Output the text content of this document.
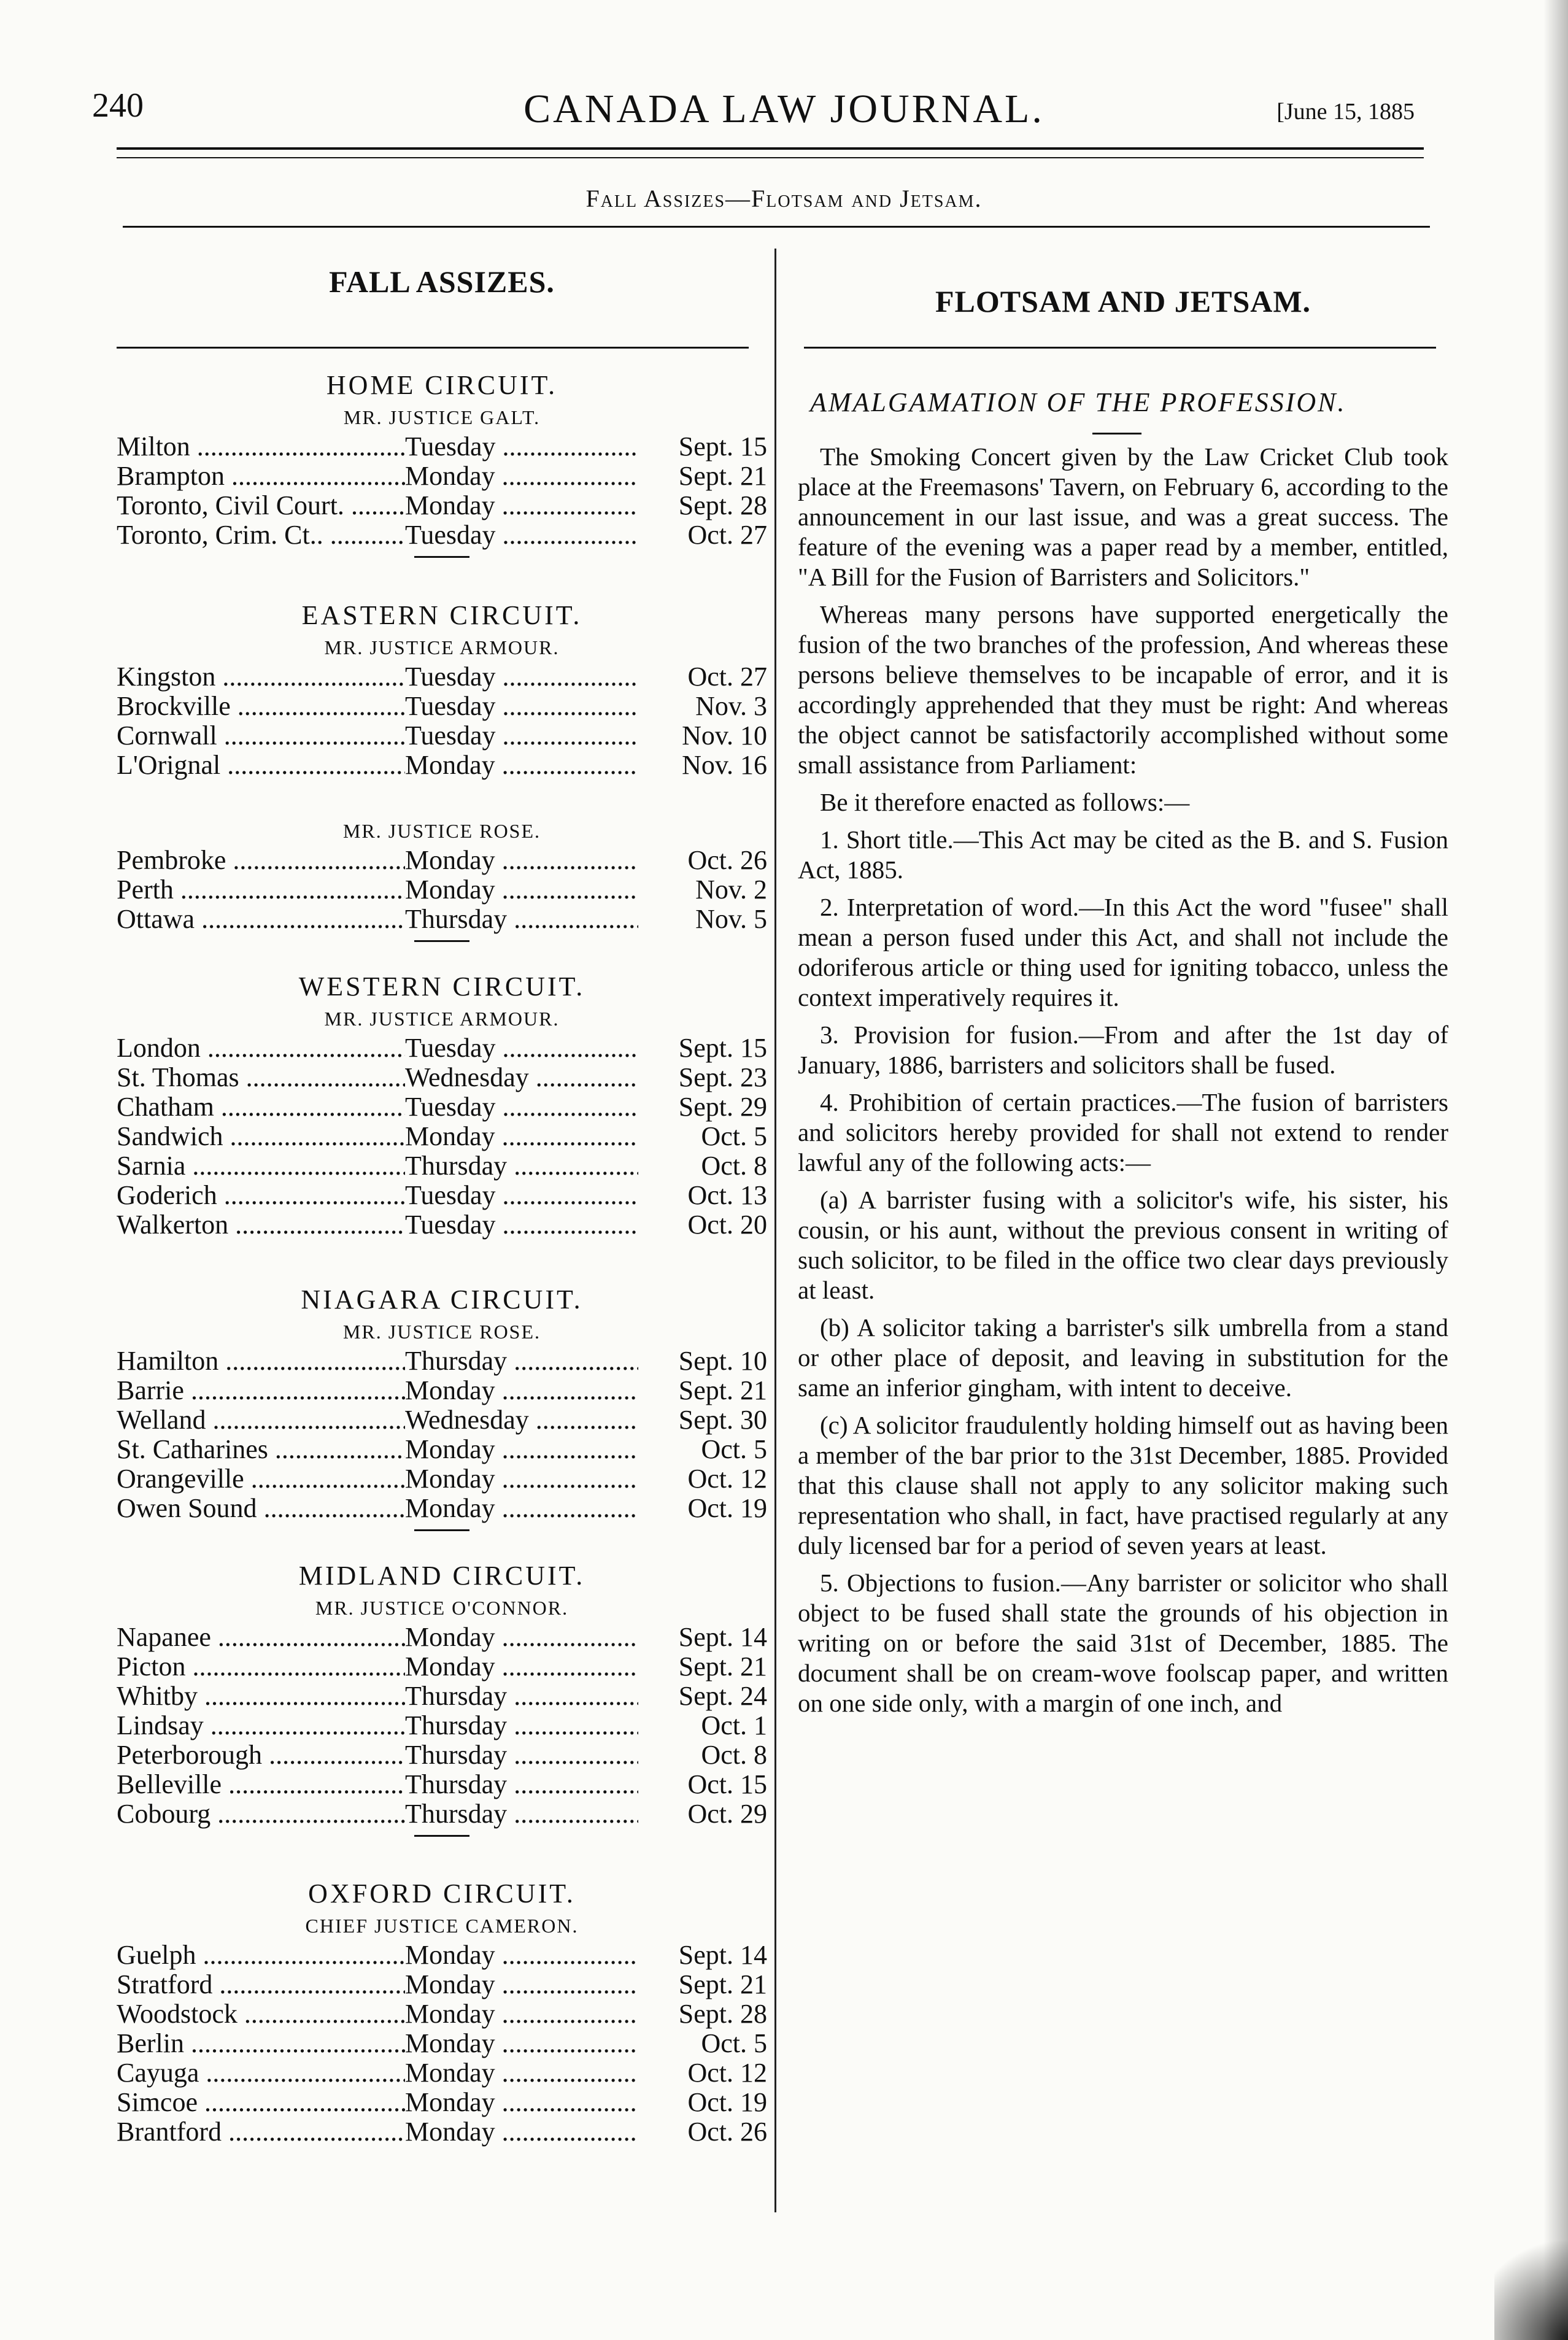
240	CANADA LAW JOURNAL.	[June 15, 1885
Fall Assizes—Flotsam and Jetsam.
FALL ASSIZES.
HOME CIRCUIT.
MR. JUSTICE GALT.
Milton .....	Tuesday .....	Sept. 15
Brampton .....	Monday .....	Sept. 21
Toronto, Civil Court. .....	Monday .....	Sept. 28
Toronto, Crim. Ct.. .....	Tuesday .....	Oct. 27
EASTERN CIRCUIT.
MR. JUSTICE ARMOUR.
Kingston .....	Tuesday .....	Oct. 27
Brockville .....	Tuesday .....	Nov. 3
Cornwall .....	Tuesday .....	Nov. 10
L'Orignal .....	Monday .....	Nov. 16
MR. JUSTICE ROSE.
Pembroke .....	Monday .....	Oct. 26
Perth .....	Monday .....	Nov. 2
Ottawa .....	Thursday .....	Nov. 5
WESTERN CIRCUIT.
MR. JUSTICE ARMOUR.
London .....	Tuesday .....	Sept. 15
St. Thomas .....	Wednesday .....	Sept. 23
Chatham .....	Tuesday .....	Sept. 29
Sandwich .....	Monday .....	Oct. 5
Sarnia .....	Thursday .....	Oct. 8
Goderich .....	Tuesday .....	Oct. 13
Walkerton .....	Tuesday .....	Oct. 20
NIAGARA CIRCUIT.
MR. JUSTICE ROSE.
Hamilton .....	Thursday .....	Sept. 10
Barrie .....	Monday .....	Sept. 21
Welland .....	Wednesday .....	Sept. 30
St. Catharines .....	Monday .....	Oct. 5
Orangeville .....	Monday .....	Oct. 12
Owen Sound .....	Monday .....	Oct. 19
MIDLAND CIRCUIT.
MR. JUSTICE O'CONNOR.
Napanee .....	Monday .....	Sept. 14
Picton .....	Monday .....	Sept. 21
Whitby .....	Thursday .....	Sept. 24
Lindsay .....	Thursday .....	Oct. 1
Peterborough .....	Thursday .....	Oct. 8
Belleville .....	Thursday .....	Oct. 15
Cobourg .....	Thursday .....	Oct. 29
OXFORD CIRCUIT.
CHIEF JUSTICE CAMERON.
Guelph .....	Monday .....	Sept. 14
Stratford .....	Monday .....	Sept. 21
Woodstock .....	Monday .....	Sept. 28
Berlin .....	Monday .....	Oct. 5
Cayuga .....	Monday .....	Oct. 12
Simcoe .....	Monday .....	Oct. 19
Brantford .....	Monday .....	Oct. 26
FLOTSAM AND JETSAM.
AMALGAMATION OF THE PROFESSION.

The Smoking Concert given by the Law Cricket Club took place at the Freemasons' Tavern, on February 6, according to the announcement in our last issue, and was a great success. The feature of the evening was a paper read by a member, entitled, "A Bill for the Fusion of Barristers and Solicitors."

Whereas many persons have supported energetically the fusion of the two branches of the profession, And whereas these persons believe themselves to be incapable of error, and it is accordingly apprehended that they must be right: And whereas the object cannot be satisfactorily accomplished without some small assistance from Parliament:

Be it therefore enacted as follows:—

1. Short title.—This Act may be cited as the B. and S. Fusion Act, 1885.

2. Interpretation of word.—In this Act the word "fusee" shall mean a person fused under this Act, and shall not include the odoriferous article or thing used for igniting tobacco, unless the context imperatively requires it.

3. Provision for fusion.—From and after the 1st day of January, 1886, barristers and solicitors shall be fused.

4. Prohibition of certain practices.—The fusion of barristers and solicitors hereby provided for shall not extend to render lawful any of the following acts:—

(a) A barrister fusing with a solicitor's wife, his sister, his cousin, or his aunt, without the previous consent in writing of such solicitor, to be filed in the office two clear days previously at least.

(b) A solicitor taking a barrister's silk umbrella from a stand or other place of deposit, and leaving in substitution for the same an inferior gingham, with intent to deceive.

(c) A solicitor fraudulently holding himself out as having been a member of the bar prior to the 31st December, 1885. Provided that this clause shall not apply to any solicitor making such representation who shall, in fact, have practised regularly at any duly licensed bar for a period of seven years at least.

5. Objections to fusion.—Any barrister or solicitor who shall object to be fused shall state the grounds of his objection in writing on or before the said 31st of December, 1885. The document shall be on cream-wove foolscap paper, and written on one side only, with a margin of one inch, and
